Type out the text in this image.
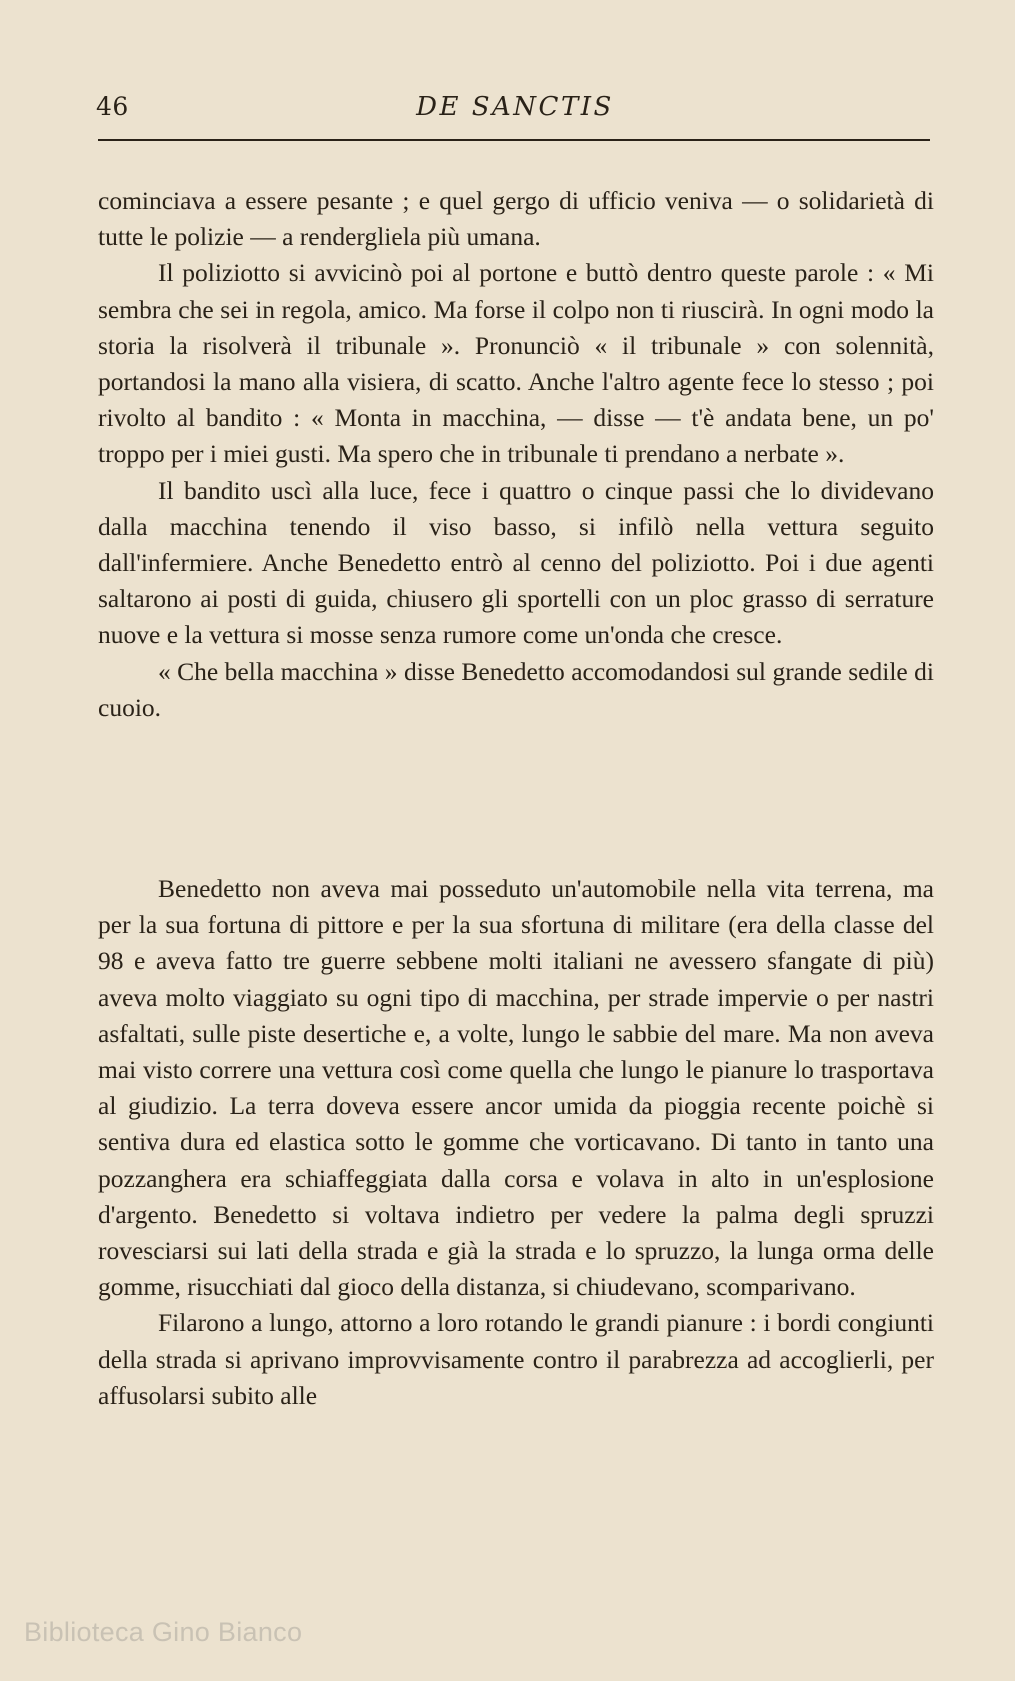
46	DE SANCTIS

cominciava a essere pesante ; e quel gergo di ufficio veniva — o solidarietà di tutte le polizie — a rendergliela più umana.

Il poliziotto si avvicinò poi al portone e buttò dentro queste parole : « Mi sembra che sei in regola, amico. Ma forse il colpo non ti riuscirà. In ogni modo la storia la risolverà il tribunale ». Pronunciò « il tribunale » con solennità, portandosi la mano alla visiera, di scatto. Anche l'altro agente fece lo stesso ; poi rivolto al bandito : « Monta in macchina, — disse — t'è andata bene, un po' troppo per i miei gusti. Ma spero che in tribunale ti prendano a nerbate ».

Il bandito uscì alla luce, fece i quattro o cinque passi che lo dividevano dalla macchina tenendo il viso basso, si infilò nella vettura seguito dall'infermiere. Anche Benedetto entrò al cenno del poliziotto. Poi i due agenti saltarono ai posti di guida, chiusero gli sportelli con un ploc grasso di serrature nuove e la vettura si mosse senza rumore come un'onda che cresce.

« Che bella macchina » disse Benedetto accomodandosi sul grande sedile di cuoio.

Benedetto non aveva mai posseduto un'automobile nella vita terrena, ma per la sua fortuna di pittore e per la sua sfortuna di militare (era della classe del 98 e aveva fatto tre guerre sebbene molti italiani ne avessero sfangate di più) aveva molto viaggiato su ogni tipo di macchina, per strade impervie o per nastri asfaltati, sulle piste desertiche e, a volte, lungo le sabbie del mare. Ma non aveva mai visto correre una vettura così come quella che lungo le pianure lo trasportava al giudizio. La terra doveva essere ancor umida da pioggia recente poichè si sentiva dura ed elastica sotto le gomme che vorticavano. Di tanto in tanto una pozzanghera era schiaffeggiata dalla corsa e volava in alto in un'esplosione d'argento. Benedetto si voltava indietro per vedere la palma degli spruzzi rovesciarsi sui lati della strada e già la strada e lo spruzzo, la lunga orma delle gomme, risucchiati dal gioco della distanza, si chiudevano, scomparivano.

Filarono a lungo, attorno a loro rotando le grandi pianure : i bordi congiunti della strada si aprivano improvvisamente contro il parabrezza ad accoglierli, per affusolarsi subito alle

Biblioteca Gino Bianco
